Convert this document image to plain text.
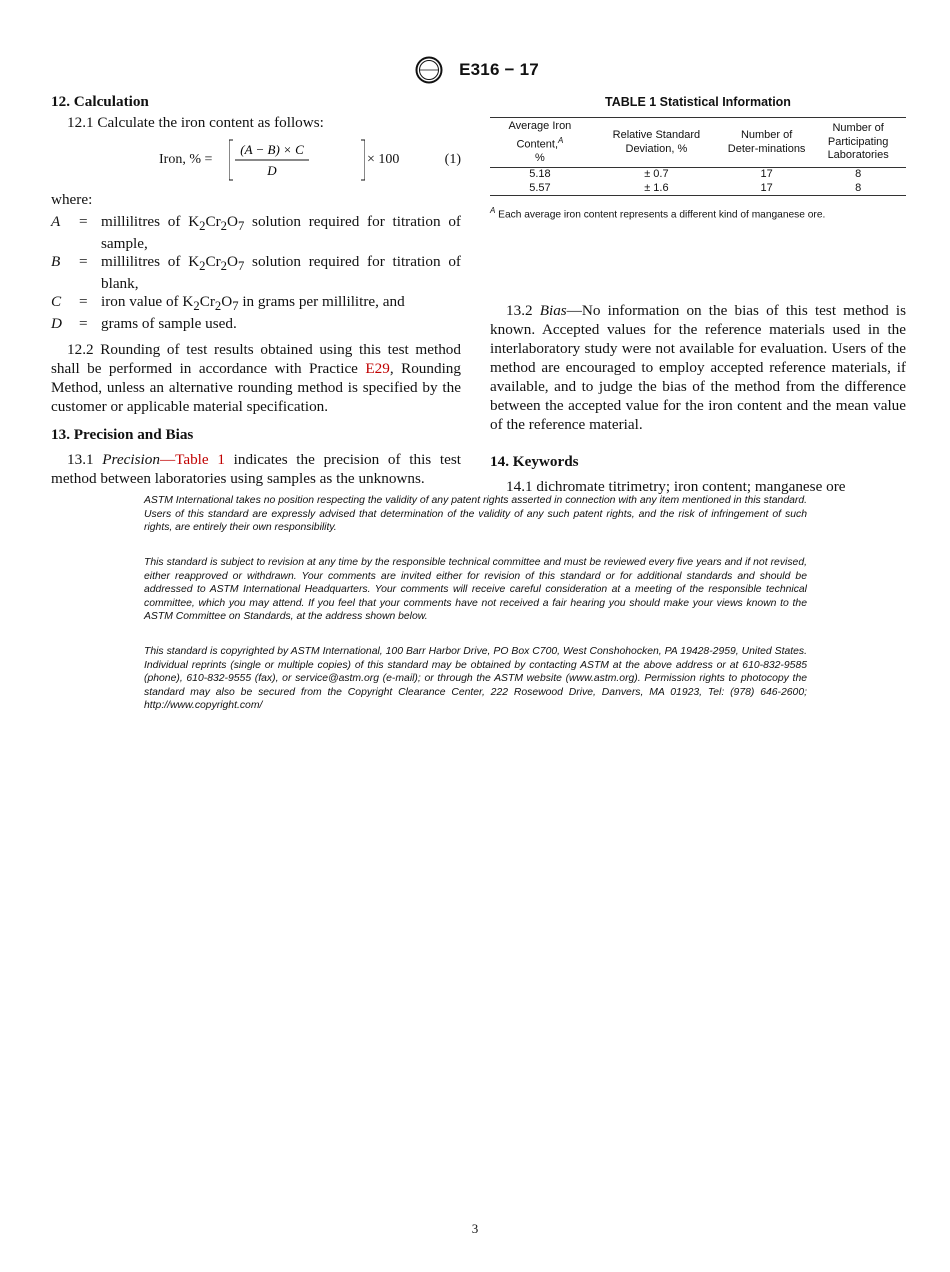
E316 − 17
12. Calculation

12.1 Calculate the iron content as follows:

Iron, % =
(A − B) × C
D
× 100	(1)

where:

A	= millilitres of $K_2Cr_2O_7$ solution required for titration of sample,
B	= millilitres of $K_2Cr_2O_7$ solution required for titration of blank,
C	= iron value of $K_2Cr_2O_7$ in grams per millilitre, and
D	= grams of sample used.

12.2 Rounding of test results obtained using this test method shall be performed in accordance with Practice E29, Rounding Method, unless an alternative rounding method is specified by the customer or applicable material specification.

13. Precision and Bias

13.1 Precision—Table 1 indicates the precision of this test method between laboratories using samples as the unknowns.

TABLE 1 Statistical Information
Average Iron Content,$^A$
%	Relative Standard Deviation, %	Number of Deter-minations	Number of Participating Laboratories
5.18	± 0.7	17	8
5.57	± 1.6	17	8
$^A$ Each average iron content represents a different kind of manganese ore.

13.2 Bias—No information on the bias of this test method is known. Accepted values for the reference materials used in the interlaboratory study were not available for evaluation. Users of the method are encouraged to employ accepted reference materials, if available, and to judge the bias of the method from the difference between the accepted value for the iron content and the mean value of the reference material.

14. Keywords

14.1 dichromate titrimetry; iron content; manganese ore

ASTM International takes no position respecting the validity of any patent rights asserted in connection with any item mentioned in this standard. Users of this standard are expressly advised that determination of the validity of any such patent rights, and the risk of infringement of such rights, are entirely their own responsibility.
This standard is subject to revision at any time by the responsible technical committee and must be reviewed every five years and if not revised, either reapproved or withdrawn. Your comments are invited either for revision of this standard or for additional standards and should be addressed to ASTM International Headquarters. Your comments will receive careful consideration at a meeting of the responsible technical committee, which you may attend. If you feel that your comments have not received a fair hearing you should make your views known to the ASTM Committee on Standards, at the address shown below.
This standard is copyrighted by ASTM International, 100 Barr Harbor Drive, PO Box C700, West Conshohocken, PA 19428-2959, United States. Individual reprints (single or multiple copies) of this standard may be obtained by contacting ASTM at the above address or at 610-832-9585 (phone), 610-832-9555 (fax), or service@astm.org (e-mail); or through the ASTM website (www.astm.org). Permission rights to photocopy the standard may also be secured from the Copyright Clearance Center, 222 Rosewood Drive, Danvers, MA 01923, Tel: (978) 646-2600; http://www.copyright.com/
3
